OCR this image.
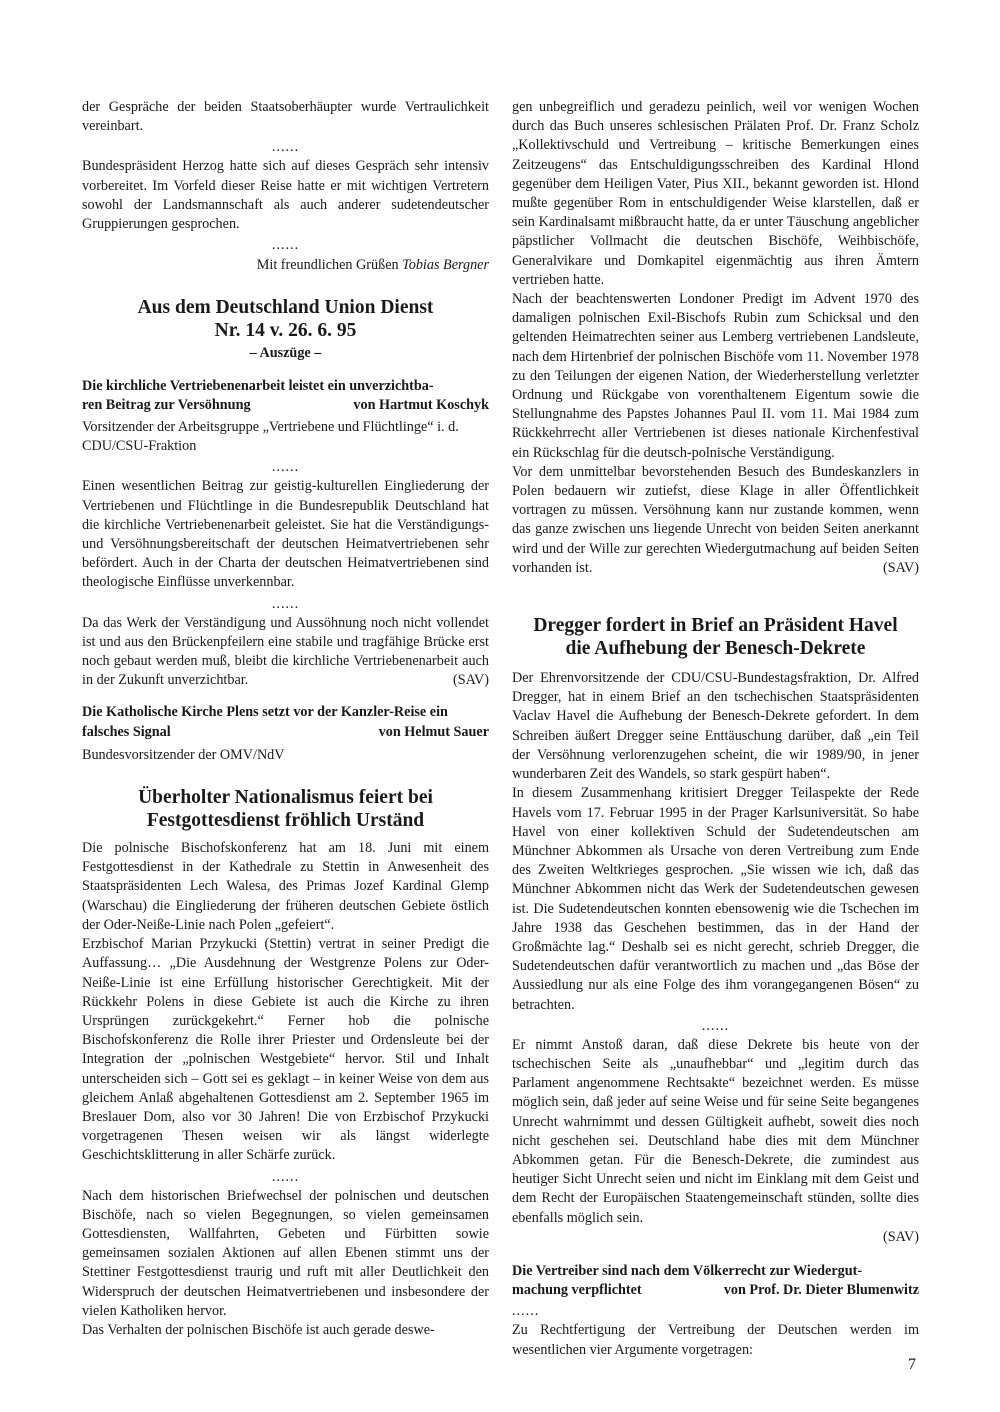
der Gespräche der beiden Staatsoberhäupter wurde Vertraulichkeit vereinbart.

......

Bundespräsident Herzog hatte sich auf dieses Gespräch sehr intensiv vorbereitet. Im Vorfeld dieser Reise hatte er mit wichtigen Vertretern sowohl der Landsmannschaft als auch anderer sudetendeutscher Gruppierungen gesprochen.

......

Mit freundlichen Grüßen Tobias Bergner

Aus dem Deutschland Union Dienst
Nr. 14 v. 26. 6. 95
– Auszüge –
Die kirchliche Vertriebenenarbeit leistet ein unverzichtba-
ren Beitrag zur Versöhnung	von Hartmut Koschyk

Vorsitzender der Arbeitsgruppe „Vertriebene und Flüchtlinge“ i. d. CDU/CSU-Fraktion

......

Einen wesentlichen Beitrag zur geistig-kulturellen Eingliederung der Vertriebenen und Flüchtlinge in die Bundesrepublik Deutschland hat die kirchliche Vertriebenenarbeit geleistet. Sie hat die Verständigungs- und Versöhnungsbereitschaft der deutschen Heimatvertriebenen sehr befördert. Auch in der Charta der deutschen Heimatvertriebenen sind theologische Einflüsse unverkennbar.

......

Da das Werk der Verständigung und Aussöhnung noch nicht vollendet ist und aus den Brückenpfeilern eine stabile und tragfähige Brücke erst noch gebaut werden muß, bleibt die kirchliche Vertriebenenarbeit auch in der Zukunft unverzichtbar.	(SAV)

Die Katholische Kirche Plens setzt vor der Kanzler-Reise ein
falsches Signal	von Helmut Sauer

Bundesvorsitzender der OMV/NdV

Überholter Nationalismus feiert bei
Festgottesdienst fröhlich Urständ

Die polnische Bischofskonferenz hat am 18. Juni mit einem Festgottesdienst in der Kathedrale zu Stettin in Anwesenheit des Staatspräsidenten Lech Walesa, des Primas Jozef Kardinal Glemp (Warschau) die Eingliederung der früheren deutschen Gebiete östlich der Oder-Neiße-Linie nach Polen „gefeiert“.

Erzbischof Marian Przykucki (Stettin) vertrat in seiner Predigt die Auffassung… „Die Ausdehnung der Westgrenze Polens zur Oder-Neiße-Linie ist eine Erfüllung historischer Gerechtigkeit. Mit der Rückkehr Polens in diese Gebiete ist auch die Kirche zu ihren Ursprüngen zurückgekehrt.“ Ferner hob die polnische Bischofskonferenz die Rolle ihrer Priester und Ordensleute bei der Integration der „polnischen Westgebiete“ hervor. Stil und Inhalt unterscheiden sich – Gott sei es geklagt – in keiner Weise von dem aus gleichem Anlaß abgehaltenen Gottesdienst am 2. September 1965 im Breslauer Dom, also vor 30 Jahren! Die von Erzbischof Przykucki vorgetragenen Thesen weisen wir als längst widerlegte Geschichtsklitterung in aller Schärfe zurück.

......

Nach dem historischen Briefwechsel der polnischen und deutschen Bischöfe, nach so vielen Begegnungen, so vielen gemeinsamen Gottesdiensten, Wallfahrten, Gebeten und Fürbitten sowie gemeinsamen sozialen Aktionen auf allen Ebenen stimmt uns der Stettiner Festgottesdienst traurig und ruft mit aller Deutlichkeit den Widerspruch der deutschen Heimatvertriebenen und insbesondere der vielen Katholiken hervor.

Das Verhalten der polnischen Bischöfe ist auch gerade deswe-

gen unbegreiflich und geradezu peinlich, weil vor wenigen Wochen durch das Buch unseres schlesischen Prälaten Prof. Dr. Franz Scholz „Kollektivschuld und Vertreibung – kritische Bemerkungen eines Zeitzeugens“ das Entschuldigungsschreiben des Kardinal Hlond gegenüber dem Heiligen Vater, Pius XII., bekannt geworden ist. Hlond mußte gegenüber Rom in entschuldigender Weise klarstellen, daß er sein Kardinalsamt mißbraucht hatte, da er unter Täuschung angeblicher päpstlicher Vollmacht die deutschen Bischöfe, Weihbischöfe, Generalvikare und Domkapitel eigenmächtig aus ihren Ämtern vertrieben hatte.

Nach der beachtenswerten Londoner Predigt im Advent 1970 des damaligen polnischen Exil-Bischofs Rubin zum Schicksal und den geltenden Heimatrechten seiner aus Lemberg vertriebenen Landsleute, nach dem Hirtenbrief der polnischen Bischöfe vom 11. November 1978 zu den Teilungen der eigenen Nation, der Wiederherstellung verletzter Ordnung und Rückgabe von vorenthaltenem Eigentum sowie die Stellungnahme des Papstes Johannes Paul II. vom 11. Mai 1984 zum Rückkehrrecht aller Vertriebenen ist dieses nationale Kirchenfestival ein Rückschlag für die deutsch-polnische Verständigung.

Vor dem unmittelbar bevorstehenden Besuch des Bundeskanzlers in Polen bedauern wir zutiefst, diese Klage in aller Öffentlichkeit vortragen zu müssen. Versöhnung kann nur zustande kommen, wenn das ganze zwischen uns liegende Unrecht von beiden Seiten anerkannt wird und der Wille zur gerechten Wiedergutmachung auf beiden Seiten vorhanden ist.	(SAV)

Dregger fordert in Brief an Präsident Havel
die Aufhebung der Benesch-Dekrete

Der Ehrenvorsitzende der CDU/CSU-Bundestagsfraktion, Dr. Alfred Dregger, hat in einem Brief an den tschechischen Staatspräsidenten Vaclav Havel die Aufhebung der Benesch-Dekrete gefordert. In dem Schreiben äußert Dregger seine Enttäuschung darüber, daß „ein Teil der Versöhnung verlorenzugehen scheint, die wir 1989/90, in jener wunderbaren Zeit des Wandels, so stark gespürt haben“.

In diesem Zusammenhang kritisiert Dregger Teilaspekte der Rede Havels vom 17. Februar 1995 in der Prager Karlsuniversität. So habe Havel von einer kollektiven Schuld der Sudetendeutschen am Münchner Abkommen als Ursache von deren Vertreibung zum Ende des Zweiten Weltkrieges gesprochen. „Sie wissen wie ich, daß das Münchner Abkommen nicht das Werk der Sudetendeutschen gewesen ist. Die Sudetendeutschen konnten ebensowenig wie die Tschechen im Jahre 1938 das Geschehen bestimmen, das in der Hand der Großmächte lag.“ Deshalb sei es nicht gerecht, schrieb Dregger, die Sudetendeutschen dafür verantwortlich zu machen und „das Böse der Aussiedlung nur als eine Folge des ihm vorangegangenen Bösen“ zu betrachten.

......

Er nimmt Anstoß daran, daß diese Dekrete bis heute von der tschechischen Seite als „unaufhebbar“ und „legitim durch das Parlament angenommene Rechtsakte“ bezeichnet werden. Es müsse möglich sein, daß jeder auf seine Weise und für seine Seite begangenes Unrecht wahrnimmt und dessen Gültigkeit aufhebt, soweit dies noch nicht geschehen sei. Deutschland habe dies mit dem Münchner Abkommen getan. Für die Benesch-Dekrete, die zumindest aus heutiger Sicht Unrecht seien und nicht im Einklang mit dem Geist und dem Recht der Europäischen Staatengemeinschaft stünden, sollte dies ebenfalls möglich sein.

(SAV)

Die Vertreiber sind nach dem Völkerrecht zur Wiedergut-
machung verpflichtet	von Prof. Dr. Dieter Blumenwitz
......

Zu Rechtfertigung der Vertreibung der Deutschen werden im wesentlichen vier Argumente vorgetragen:

7
